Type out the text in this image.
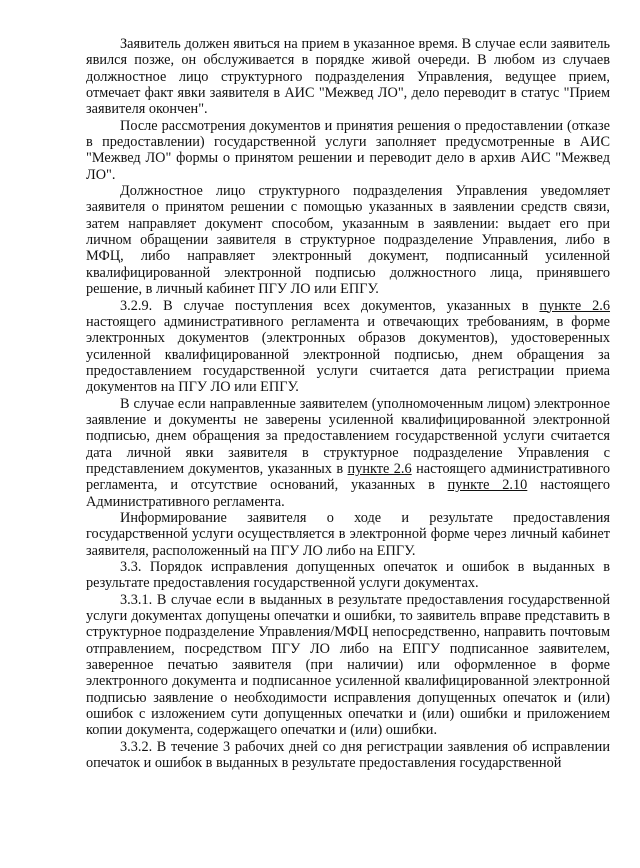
Заявитель должен явиться на прием в указанное время. В случае если заявитель явился позже, он обслуживается в порядке живой очереди. В любом из случаев должностное лицо структурного подразделения Управления, ведущее прием, отмечает факт явки заявителя в АИС "Межвед ЛО", дело переводит в статус "Прием заявителя окончен".

После рассмотрения документов и принятия решения о предоставлении (отказе в предоставлении) государственной услуги заполняет предусмотренные в АИС "Межвед ЛО" формы о принятом решении и переводит дело в архив АИС "Межвед ЛО".

Должностное лицо структурного подразделения Управления уведомляет заявителя о принятом решении с помощью указанных в заявлении средств связи, затем направляет документ способом, указанным в заявлении: выдает его при личном обращении заявителя в структурное подразделение Управления, либо в МФЦ, либо направляет электронный документ, подписанный усиленной квалифицированной электронной подписью должностного лица, принявшего решение, в личный кабинет ПГУ ЛО или ЕПГУ.

3.2.9. В случае поступления всех документов, указанных в пункте 2.6 настоящего административного регламента и отвечающих требованиям, в форме электронных документов (электронных образов документов), удостоверенных усиленной квалифицированной электронной подписью, днем обращения за предоставлением государственной услуги считается дата регистрации приема документов на ПГУ ЛО или ЕПГУ.

В случае если направленные заявителем (уполномоченным лицом) электронное заявление и документы не заверены усиленной квалифицированной электронной подписью, днем обращения за предоставлением государственной услуги считается дата личной явки заявителя в структурное подразделение Управления с представлением документов, указанных в пункте 2.6 настоящего административного регламента, и отсутствие оснований, указанных в пункте 2.10 настоящего Административного регламента.

Информирование заявителя о ходе и результате предоставления государственной услуги осуществляется в электронной форме через личный кабинет заявителя, расположенный на ПГУ ЛО либо на ЕПГУ.

3.3. Порядок исправления допущенных опечаток и ошибок в выданных в результате предоставления государственной услуги документах.

3.3.1. В случае если в выданных в результате предоставления государственной услуги документах допущены опечатки и ошибки, то заявитель вправе представить в структурное подразделение Управления/МФЦ непосредственно, направить почтовым отправлением, посредством ПГУ ЛО либо на ЕПГУ подписанное заявителем, заверенное печатью заявителя (при наличии) или оформленное в форме электронного документа и подписанное усиленной квалифицированной электронной подписью заявление о необходимости исправления допущенных опечаток и (или) ошибок с изложением сути допущенных опечатки и (или) ошибки и приложением копии документа, содержащего опечатки и (или) ошибки.

3.3.2. В течение 3 рабочих дней со дня регистрации заявления об исправлении опечаток и ошибок в выданных в результате предоставления государственной
